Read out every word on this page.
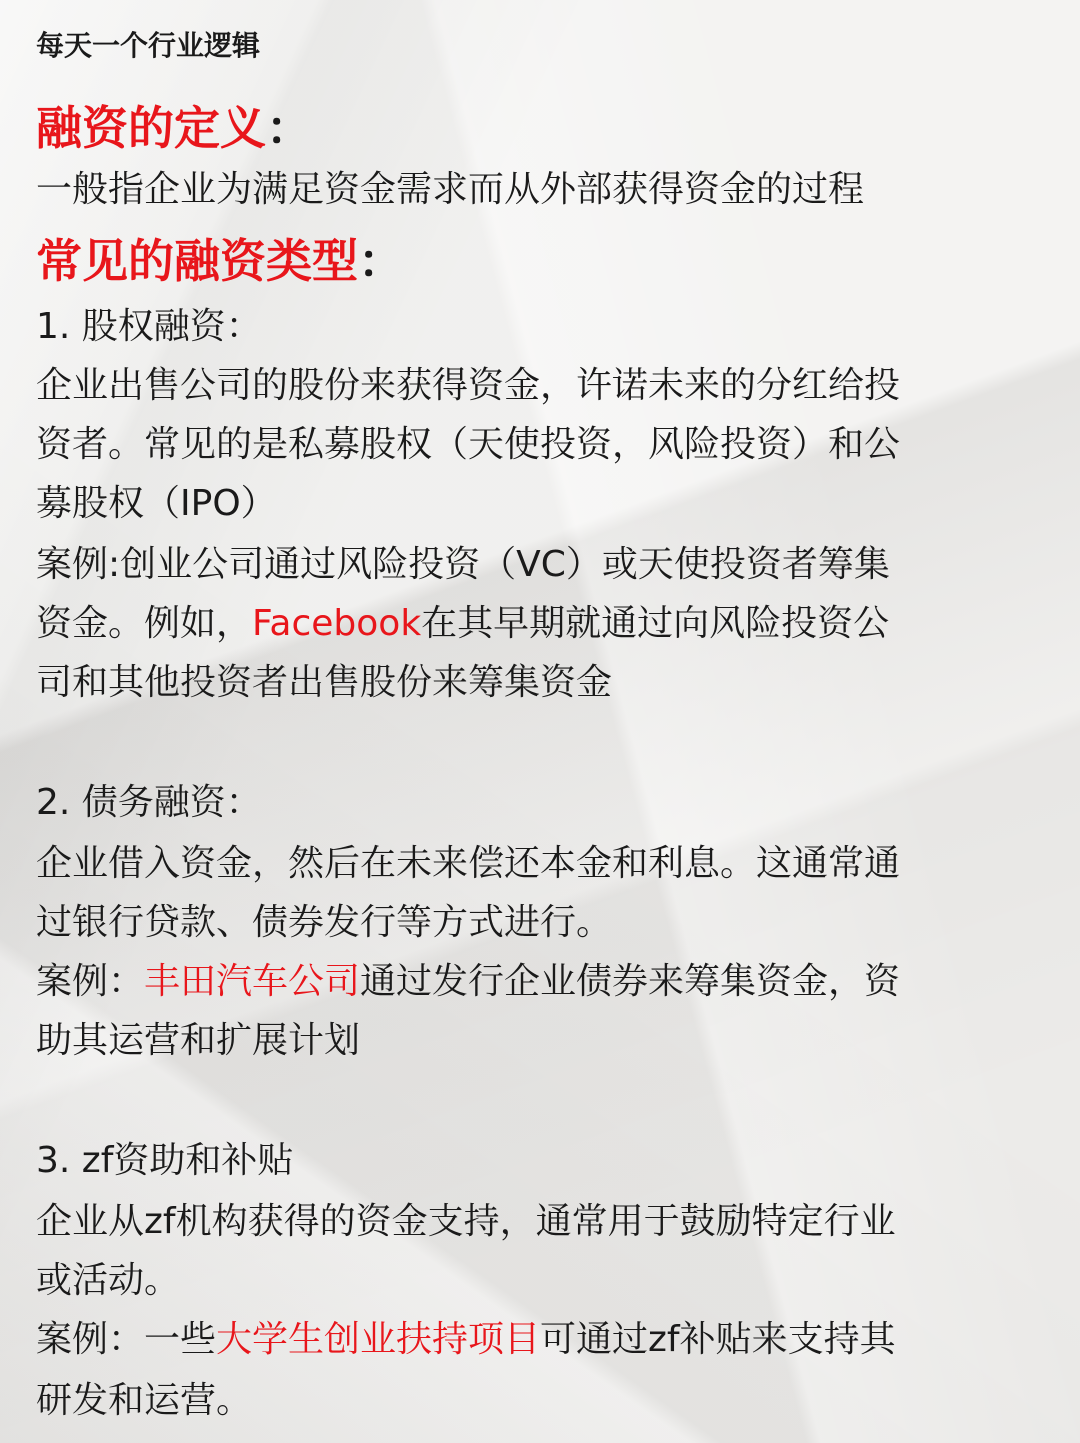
每天一个行业逻辑
融资的定义：
一般指企业为满足资金需求而从外部获得资金的过程
常见的融资类型：
1. 股权融资：
企业出售公司的股份来获得资金，许诺未来的分红给投
资者。常见的是私募股权（天使投资，风险投资）和公
募股权（IPO）
案例:创业公司通过风险投资（VC）或天使投资者筹集
资金。例如，Facebook在其早期就通过向风险投资公
司和其他投资者出售股份来筹集资金
2. 债务融资：
企业借入资金，然后在未来偿还本金和利息。这通常通
过银行贷款、债券发行等方式进行。
案例：丰田汽车公司通过发行企业债券来筹集资金，资
助其运营和扩展计划
3. zf资助和补贴
企业从zf机构获得的资金支持，通常用于鼓励特定行业
或活动。
案例：一些大学生创业扶持项目可通过zf补贴来支持其
研发和运营。
